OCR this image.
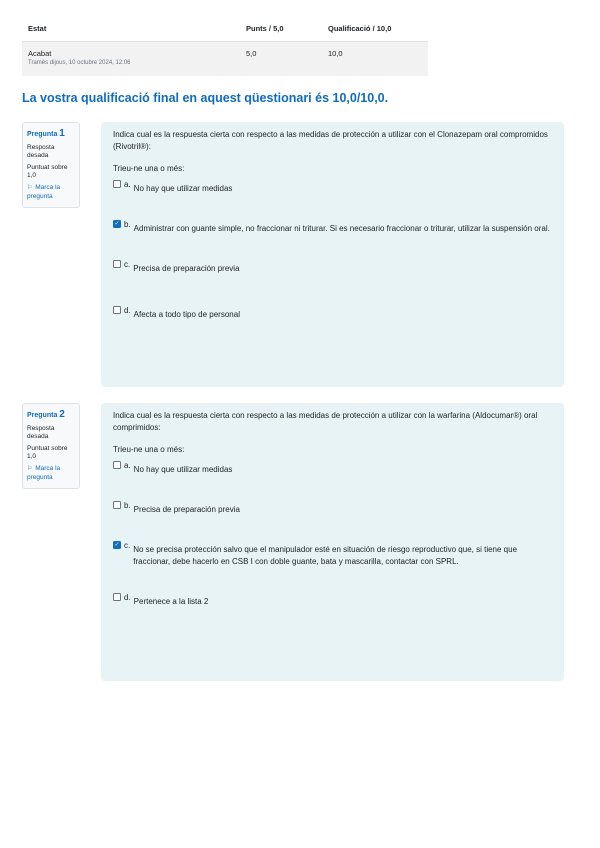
Estat	Punts / 5,0	Qualificació / 10,0
Acabat
Tramès dijous, 10 octubre 2024, 12:06
5,0	10,0
La vostra qualificació final en aquest qüestionari és 10,0/10,0.
Pregunta 1
Resposta desada
Puntuat sobre 1,0
⚐ Marca la pregunta

Indica cual es la respuesta cierta con respecto a las medidas de protección a utilizar con el Clonazepam oral compromidos (Rivotril®):

Trieu-ne una o més:

a. No hay que utilizar medidas
✓ b. Administrar con guante simple, no fraccionar ni triturar. Si es necesario fraccionar o triturar, utilizar la suspensión oral.
c. Precisa de preparación previa
d. Afecta a todo tipo de personal
Pregunta 2
Resposta desada
Puntuat sobre 1,0
⚐ Marca la pregunta

Indica cual es la respuesta cierta con respecto a las medidas de protección a utilizar con la warfarina (Aldocumar®) oral comprimidos:

Trieu-ne una o més:

a. No hay que utilizar medidas
b. Precisa de preparación previa
✓ c. No se precisa protección salvo que el manipulador esté en situación de riesgo reproductivo que, si tiene que fraccionar, debe hacerlo en CSB I con doble guante, bata y mascarilla, contactar con SPRL.
d. Pertenece a la lista 2
